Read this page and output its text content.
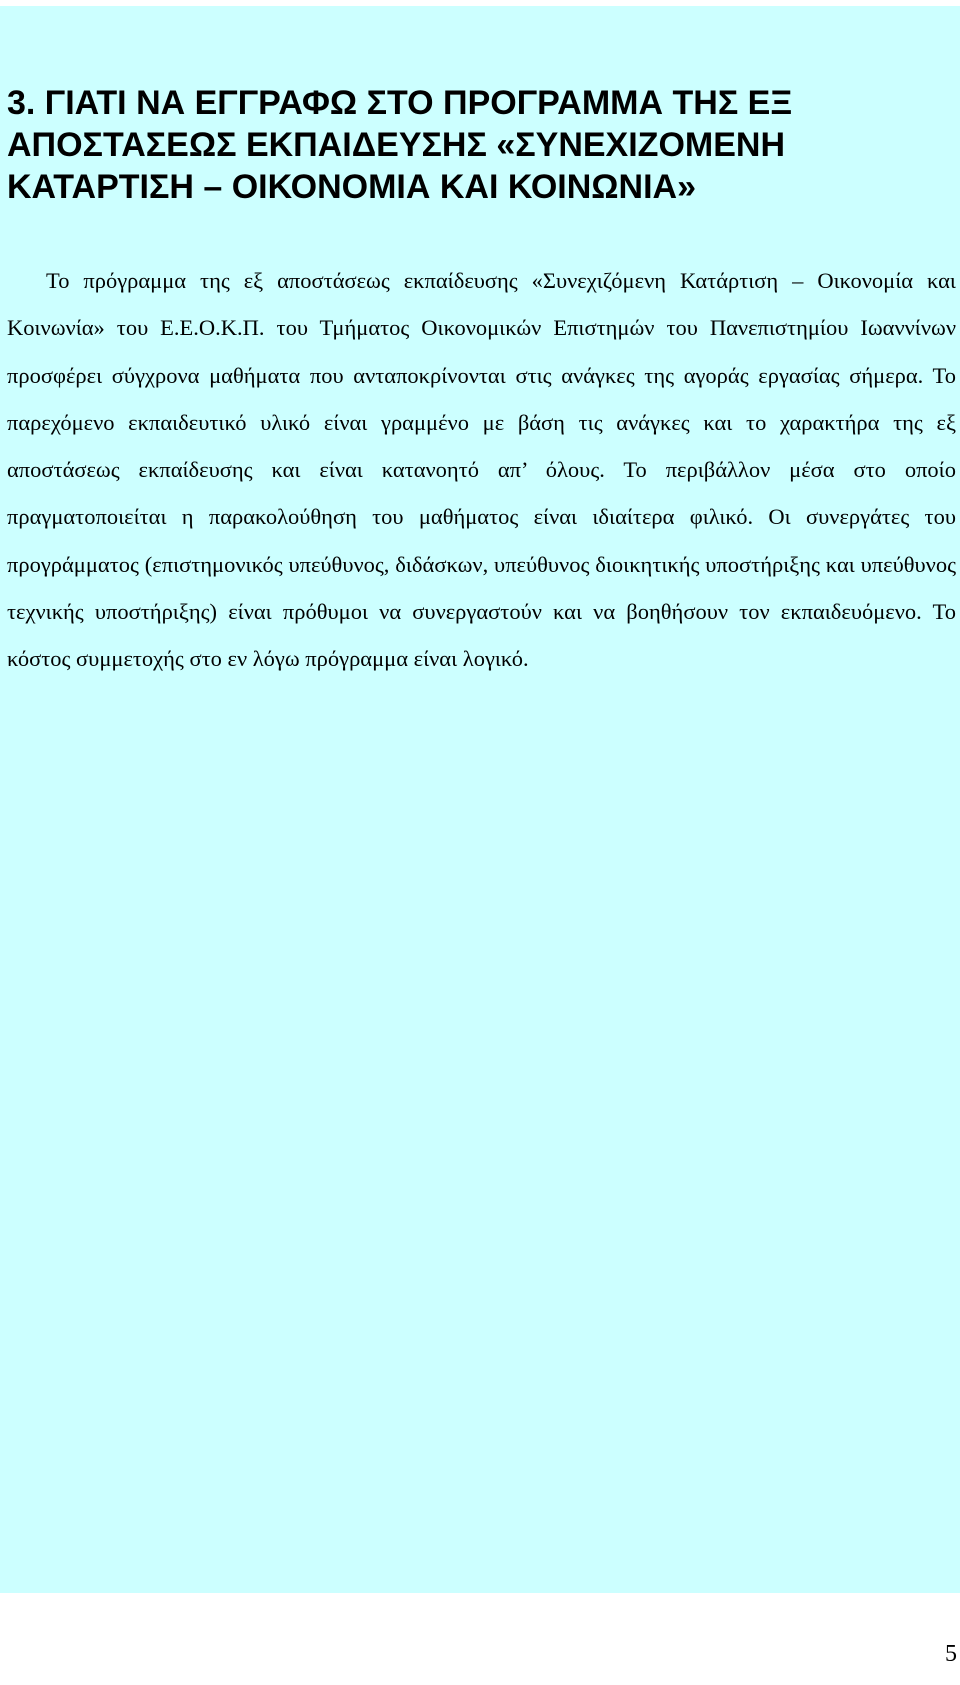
3. ΓΙΑΤΙ ΝΑ ΕΓΓΡΑΦΩ ΣΤΟ ΠΡΟΓΡΑΜΜΑ ΤΗΣ ΕΞ ΑΠΟΣΤΑΣΕΩΣ ΕΚΠΑΙΔΕΥΣΗΣ «ΣΥΝΕΧΙΖΟΜΕΝΗ ΚΑΤΑΡΤΙΣΗ – ΟΙΚΟΝΟΜΙΑ ΚΑΙ ΚΟΙΝΩΝΙΑ»

Το πρόγραμμα της εξ αποστάσεως εκπαίδευσης «Συνεχιζόμενη Κατάρτιση – Οικονομία και Κοινωνία» του Ε.Ε.Ο.Κ.Π. του Τμήματος Οικονομικών Επιστημών του Πανεπιστημίου Ιωαννίνων προσφέρει σύγχρονα μαθήματα που ανταποκρίνονται στις ανάγκες της αγοράς εργασίας σήμερα. Το παρεχόμενο εκπαιδευτικό υλικό είναι γραμμένο με βάση τις ανάγκες και το χαρακτήρα της εξ αποστάσεως εκπαίδευσης και είναι κατανοητό απ’ όλους. Το περιβάλλον μέσα στο οποίο πραγματοποιείται η παρακολούθηση του μαθήματος είναι ιδιαίτερα φιλικό. Οι συνεργάτες του προγράμματος (επιστημονικός υπεύθυνος, διδάσκων, υπεύθυνος διοικητικής υποστήριξης και υπεύθυνος τεχνικής υποστήριξης) είναι πρόθυμοι να συνεργαστούν και να βοηθήσουν τον εκπαιδευόμενο. Το κόστος συμμετοχής στο εν λόγω πρόγραμμα είναι λογικό.

5
